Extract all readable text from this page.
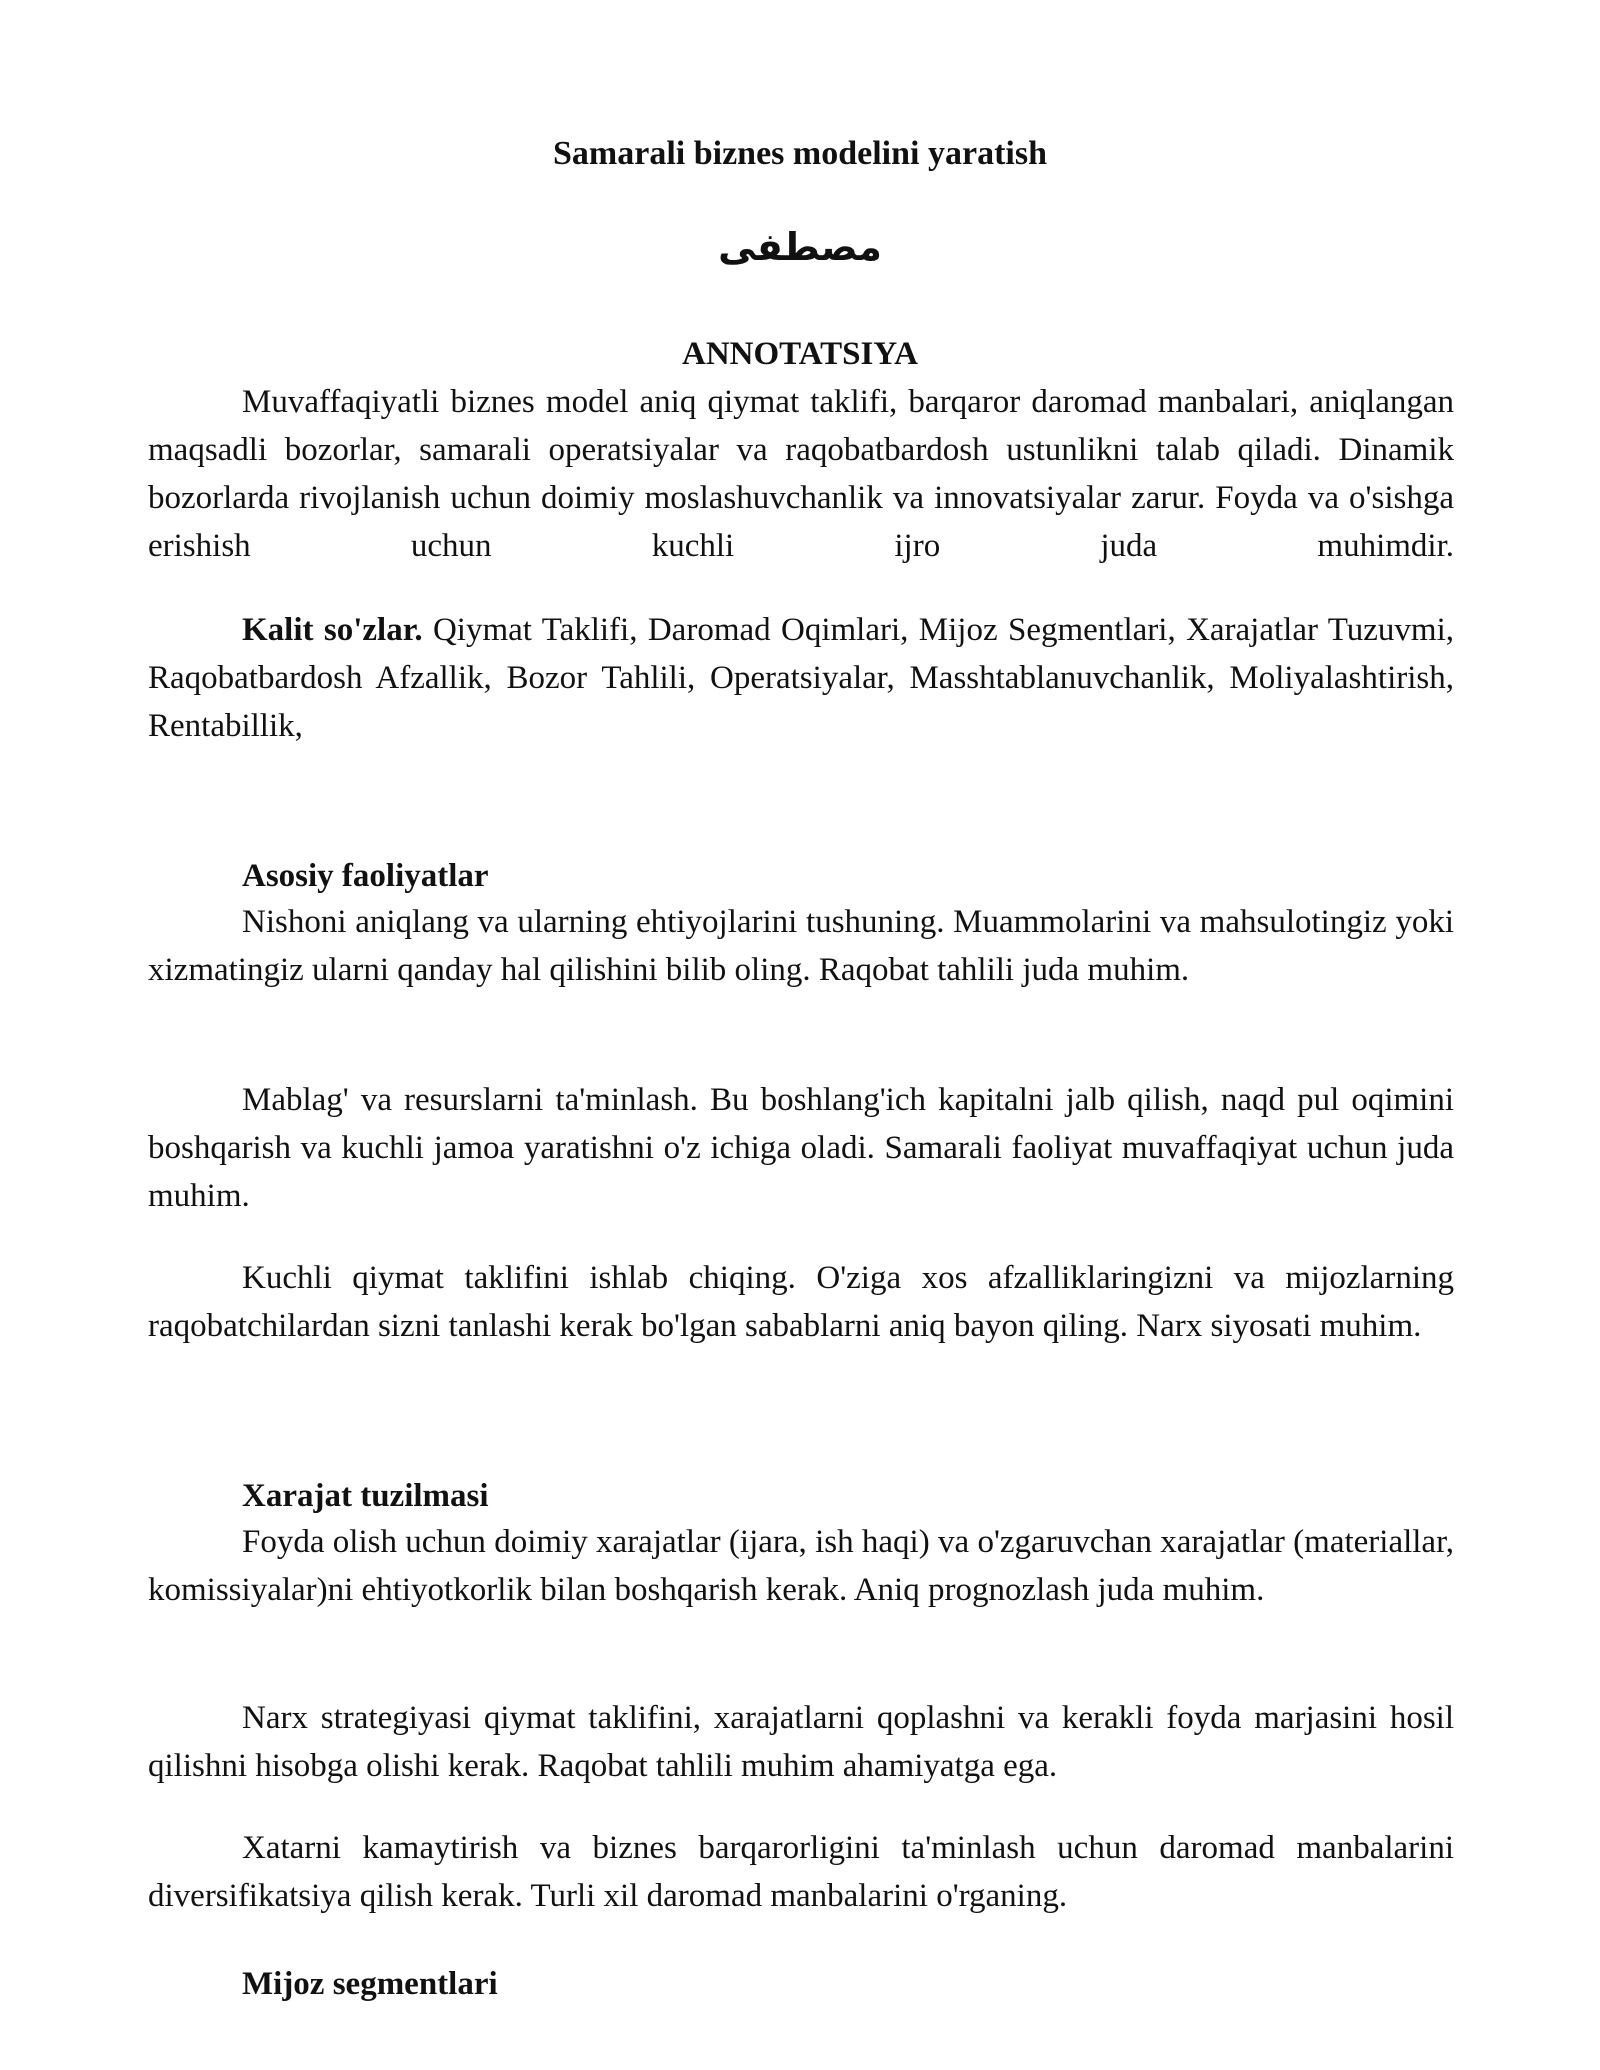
Samarali biznes modelini yaratish
مصطفى
ANNOTATSIYA

Muvaffaqiyatli biznes model aniq qiymat taklifi, barqaror daromad manbalari, aniqlangan maqsadli bozorlar, samarali operatsiyalar va raqobatbardosh ustunlikni talab qiladi. Dinamik bozorlarda rivojlanish uchun doimiy moslashuvchanlik va innovatsiyalar zarur. Foyda va o'sishga erishish uchun kuchli ijro juda muhimdir.

Kalit so'zlar. Qiymat Taklifi, Daromad Oqimlari, Mijoz Segmentlari, Xarajatlar Tuzuvmi, Raqobatbardosh Afzallik, Bozor Tahlili, Operatsiyalar, Masshtablanuvchanlik, Moliyalashtirish, Rentabillik,

Asosiy faoliyatlar

Nishoni aniqlang va ularning ehtiyojlarini tushuning. Muammolarini va mahsulotingiz yoki xizmatingiz ularni qanday hal qilishini bilib oling. Raqobat tahlili juda muhim.

Mablag' va resurslarni ta'minlash. Bu boshlang'ich kapitalni jalb qilish, naqd pul oqimini boshqarish va kuchli jamoa yaratishni o'z ichiga oladi. Samarali faoliyat muvaffaqiyat uchun juda muhim.

Kuchli qiymat taklifini ishlab chiqing. O'ziga xos afzalliklaringizni va mijozlarning raqobatchilardan sizni tanlashi kerak bo'lgan sabablarni aniq bayon qiling. Narx siyosati muhim.

Xarajat tuzilmasi

Foyda olish uchun doimiy xarajatlar (ijara, ish haqi) va o'zgaruvchan xarajatlar (materiallar, komissiyalar)ni ehtiyotkorlik bilan boshqarish kerak. Aniq prognozlash juda muhim.

Narx strategiyasi qiymat taklifini, xarajatlarni qoplashni va kerakli foyda marjasini hosil qilishni hisobga olishi kerak. Raqobat tahlili muhim ahamiyatga ega.

Xatarni kamaytirish va biznes barqarorligini ta'minlash uchun daromad manbalarini diversifikatsiya qilish kerak. Turli xil daromad manbalarini o'rganing.

Mijoz segmentlari
